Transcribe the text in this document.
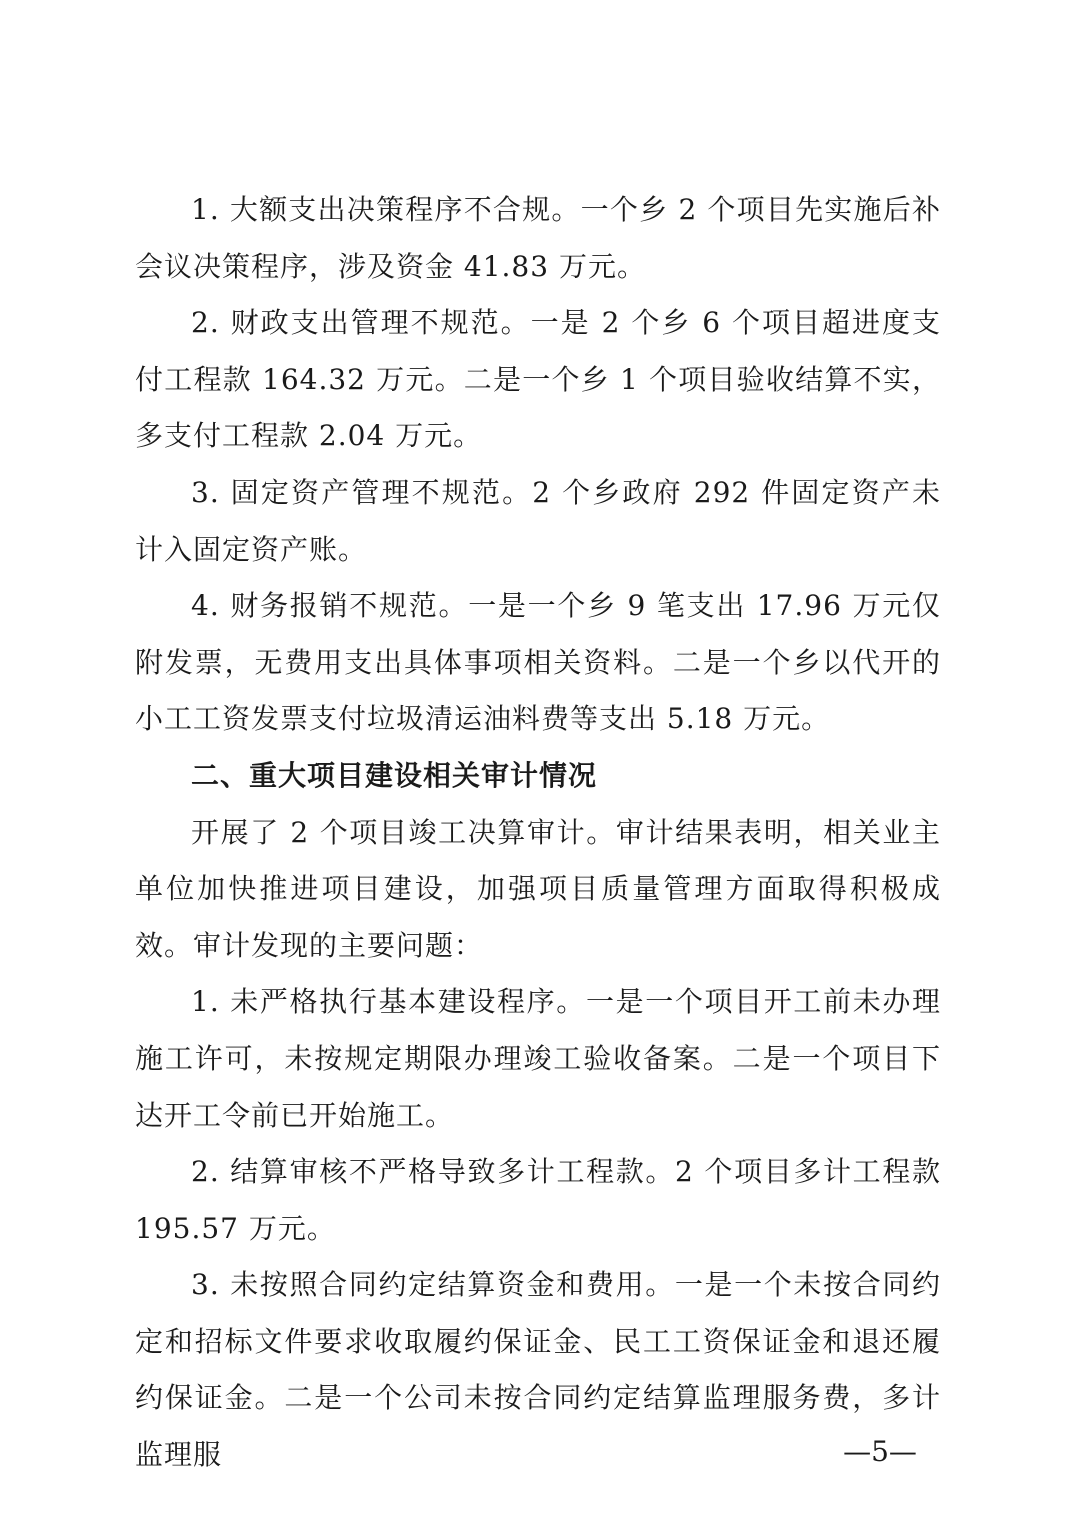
1. 大额支出决策程序不合规。一个乡 2 个项目先实施后补会议决策程序，涉及资金 41.83 万元。

2. 财政支出管理不规范。一是 2 个乡 6 个项目超进度支付工程款 164.32 万元。二是一个乡 1 个项目验收结算不实，多支付工程款 2.04 万元。

3. 固定资产管理不规范。2 个乡政府 292 件固定资产未计入固定资产账。

4. 财务报销不规范。一是一个乡 9 笔支出 17.96 万元仅附发票，无费用支出具体事项相关资料。二是一个乡以代开的小工工资发票支付垃圾清运油料费等支出 5.18 万元。

二、重大项目建设相关审计情况

开展了 2 个项目竣工决算审计。审计结果表明，相关业主单位加快推进项目建设，加强项目质量管理方面取得积极成效。审计发现的主要问题：

1. 未严格执行基本建设程序。一是一个项目开工前未办理施工许可，未按规定期限办理竣工验收备案。二是一个项目下达开工令前已开始施工。

2. 结算审核不严格导致多计工程款。2 个项目多计工程款 195.57 万元。

3. 未按照合同约定结算资金和费用。一是一个未按合同约定和招标文件要求收取履约保证金、民工工资保证金和退还履约保证金。二是一个公司未按合同约定结算监理服务费，多计监理服	—5—
